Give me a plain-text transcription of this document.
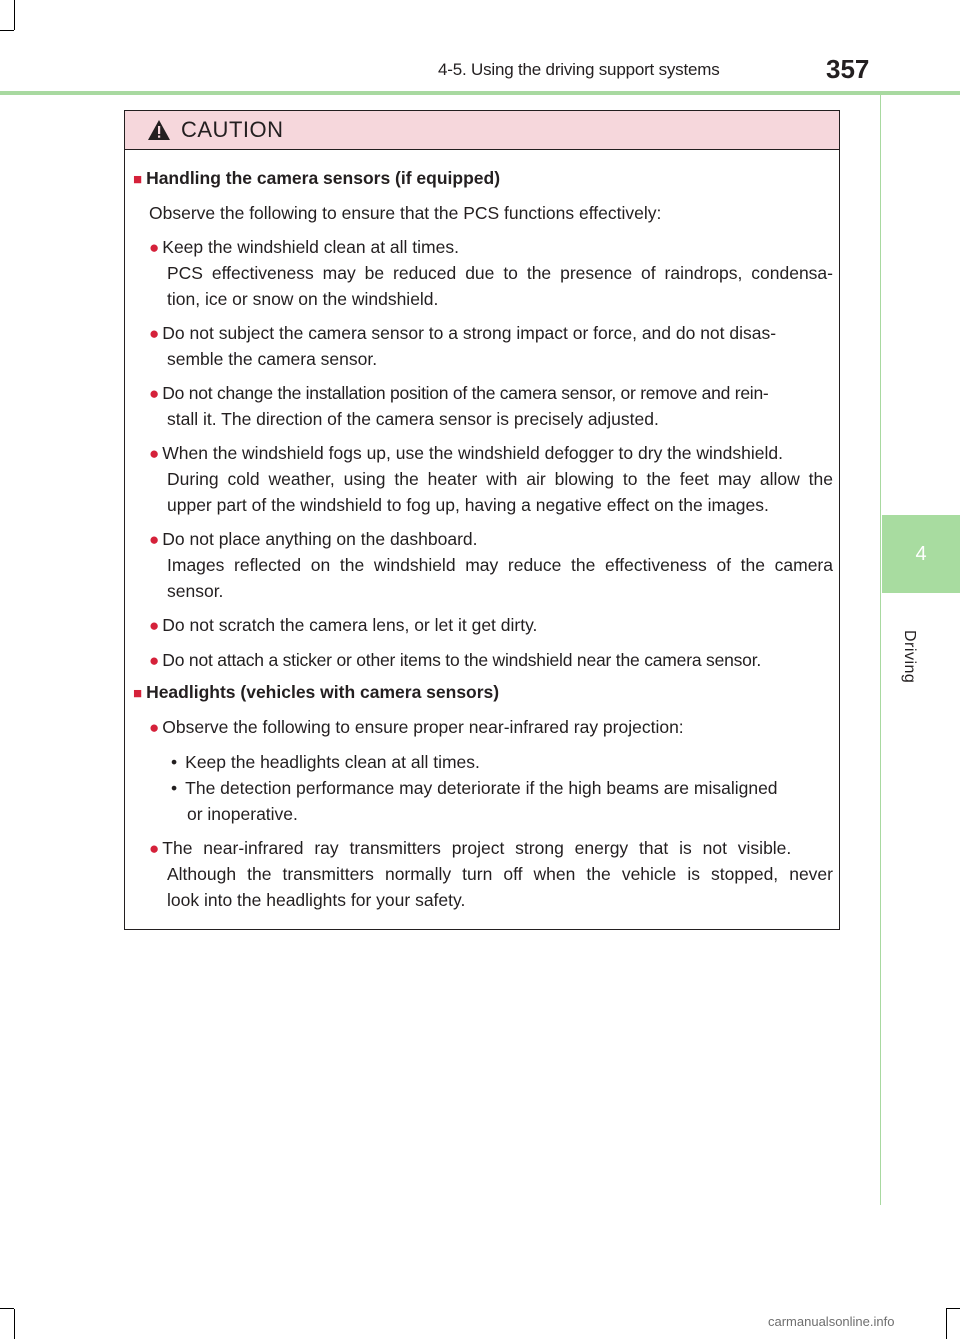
4-5. Using the driving support systems	357
4
Driving
CAUTION
■ Handling the camera sensors (if equipped)
Observe the following to ensure that the PCS functions effectively:
● Keep the windshield clean at all times.
PCS effectiveness may be reduced due to the presence of raindrops, condensa-
tion, ice or snow on the windshield.
● Do not subject the camera sensor to a strong impact or force, and do not disas-
semble the camera sensor.
● Do not change the installation position of the camera sensor, or remove and rein-
stall it. The direction of the camera sensor is precisely adjusted.
● When the windshield fogs up, use the windshield defogger to dry the windshield.
During cold weather, using the heater with air blowing to the feet may allow the
upper part of the windshield to fog up, having a negative effect on the images.
● Do not place anything on the dashboard.
Images reflected on the windshield may reduce the effectiveness of the camera
sensor.
● Do not scratch the camera lens, or let it get dirty.
● Do not attach a sticker or other items to the windshield near the camera sensor.
■ Headlights (vehicles with camera sensors)
● Observe the following to ensure proper near-infrared ray projection:
• Keep the headlights clean at all times.
• The detection performance may deteriorate if the high beams are misaligned
or inoperative.
● The near-infrared ray transmitters project strong energy that is not visible.
Although the transmitters normally turn off when the vehicle is stopped, never
look into the headlights for your safety.
carmanualsonline.info
